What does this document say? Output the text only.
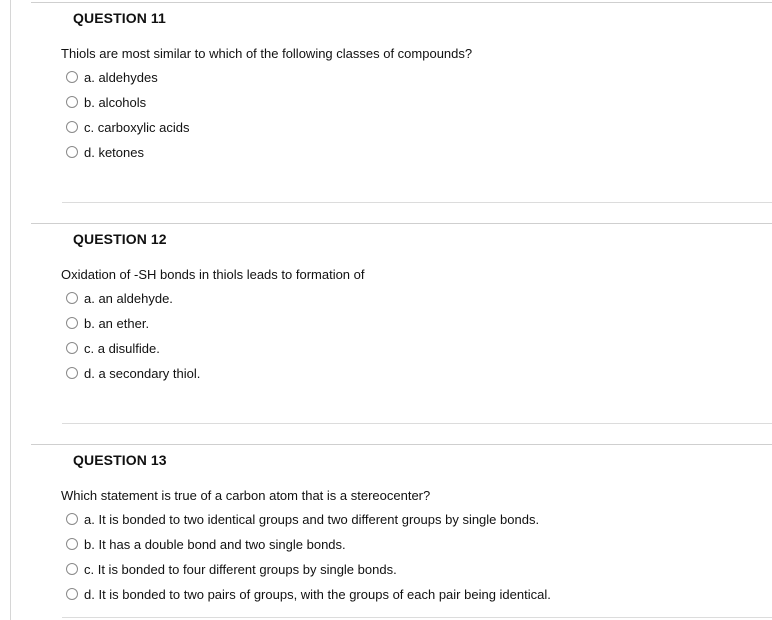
QUESTION 11
Thiols are most similar to which of the following classes of compounds?
a. aldehydes
b. alcohols
c. carboxylic acids
d. ketones
QUESTION 12
Oxidation of -SH bonds in thiols leads to formation of
a. an aldehyde.
b. an ether.
c. a disulfide.
d. a secondary thiol.
QUESTION 13
Which statement is true of a carbon atom that is a stereocenter?
a. It is bonded to two identical groups and two different groups by single bonds.
b. It has a double bond and two single bonds.
c. It is bonded to four different groups by single bonds.
d. It is bonded to two pairs of groups, with the groups of each pair being identical.
